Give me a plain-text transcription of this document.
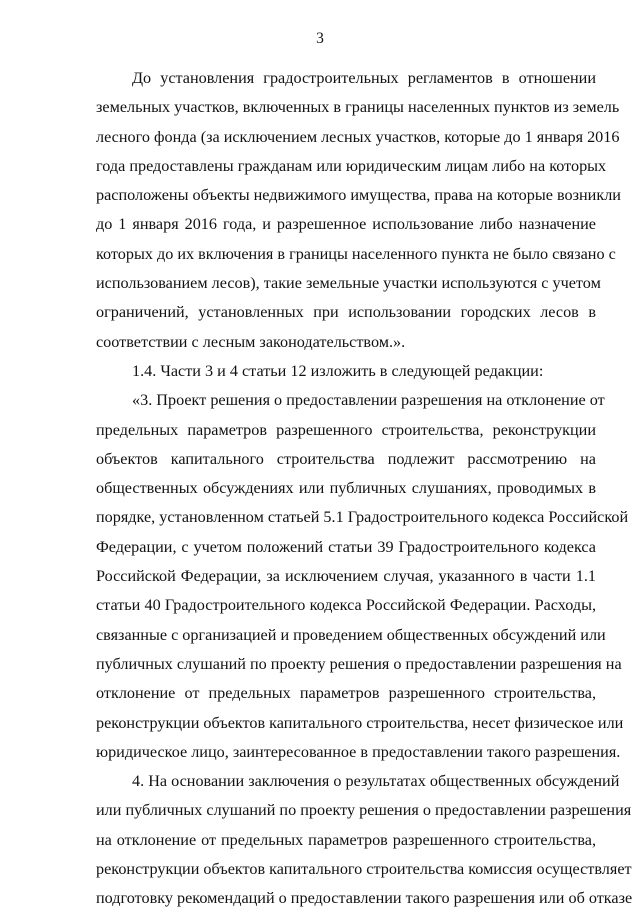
3
До установления градостроительных регламентов в отношении
земельных участков, включенных в границы населенных пунктов из земель
лесного фонда (за исключением лесных участков, которые до 1 января 2016
года предоставлены гражданам или юридическим лицам либо на которых
расположены объекты недвижимого имущества, права на которые возникли
до 1 января 2016 года, и разрешенное использование либо назначение
которых до их включения в границы населенного пункта не было связано с
использованием лесов), такие земельные участки используются с учетом
ограничений, установленных при использовании городских лесов в
соответствии с лесным законодательством.».
1.4. Части 3 и 4 статьи 12 изложить в следующей редакции:
«3. Проект решения о предоставлении разрешения на отклонение от
предельных параметров разрешенного строительства, реконструкции
объектов капитального строительства подлежит рассмотрению на
общественных обсуждениях или публичных слушаниях, проводимых в
порядке, установленном статьей 5.1 Градостроительного кодекса Российской
Федерации, с учетом положений статьи 39 Градостроительного кодекса
Российской Федерации, за исключением случая, указанного в части 1.1
статьи 40 Градостроительного кодекса Российской Федерации. Расходы,
связанные с организацией и проведением общественных обсуждений или
публичных слушаний по проекту решения о предоставлении разрешения на
отклонение от предельных параметров разрешенного строительства,
реконструкции объектов капитального строительства, несет физическое или
юридическое лицо, заинтересованное в предоставлении такого разрешения.
4. На основании заключения о результатах общественных обсуждений
или публичных слушаний по проекту решения о предоставлении разрешения
на отклонение от предельных параметров разрешенного строительства,
реконструкции объектов капитального строительства комиссия осуществляет
подготовку рекомендаций о предоставлении такого разрешения или об отказе
